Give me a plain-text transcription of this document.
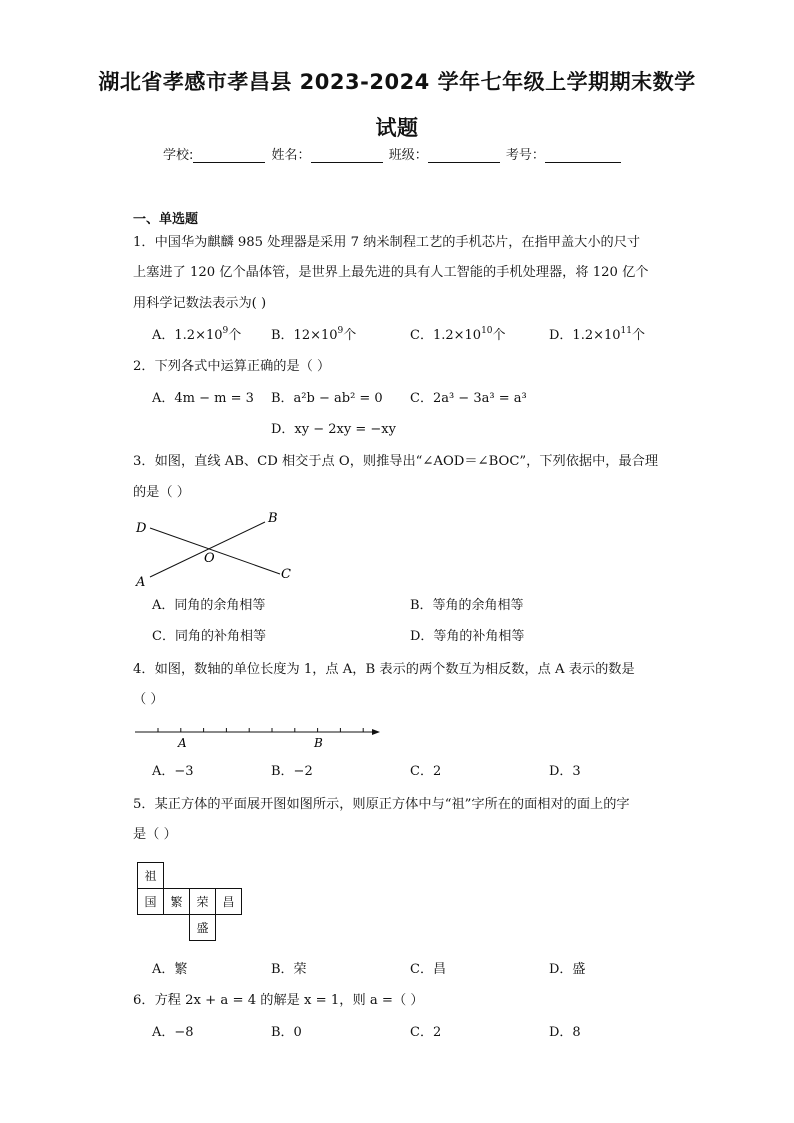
湖北省孝感市孝昌县 2023-2024 学年七年级上学期期末数学
试题
学校:	姓名：	班级：	考号：
一、单选题
1．中国华为麒麟 985 处理器是采用 7 纳米制程工艺的手机芯片，在指甲盖大小的尺寸
上塞进了 120 亿个晶体管，是世界上最先进的具有人工智能的手机处理器，将 120 亿个
用科学记数法表示为( )
A．$1.2\times 10^9$个 B．$12\times 10^9$个	C．$1.2\times 10^{10}$个	D．$1.2\times 10^{11}$个
2．下列各式中运算正确的是（ ）
A．4m − m = 3 B．a²b − ab² = 0 C．2a³ − 3a³ = a³
D．xy − 2xy = −xy
3．如图，直线 AB、CD 相交于点 O，则推导出“∠AOD＝∠BOC”，下列依据中，最合理
的是（ ）
D
B
O
A
C
A．同角的余角相等	B．等角的余角相等
C．同角的补角相等	D．等角的补角相等
4．如图，数轴的单位长度为 1，点 A，B 表示的两个数互为相反数，点 A 表示的数是
（ ）
A	B
A．−3	B．−2	C．2	D．3
5．某正方体的平面展开图如图所示，则原正方体中与“祖”字所在的面相对的面上的字
是（ ）
祖			
国	繁	荣	昌
		盛	
A．繁	B．荣	C．昌	D．盛
6．方程 2x + a = 4 的解是 x = 1，则 a =（ ）
A．−8	B．0	C．2	D．8
